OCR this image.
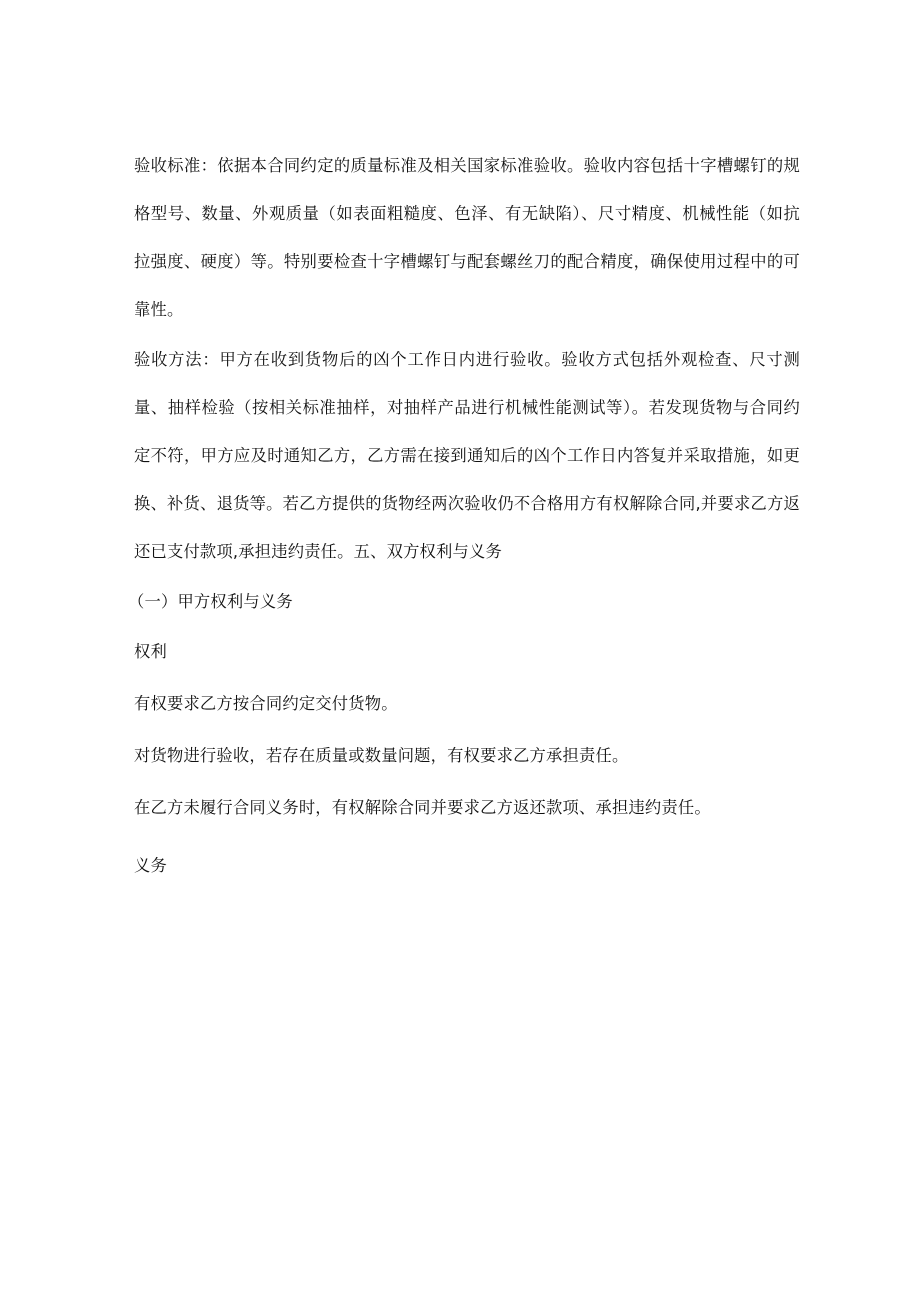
验收标准：依据本合同约定的质量标准及相关国家标准验收。验收内容包括十字槽螺钉的规格型号、数量、外观质量（如表面粗糙度、色泽、有无缺陷）、尺寸精度、机械性能（如抗拉强度、硬度）等。特别要检查十字槽螺钉与配套螺丝刀的配合精度，确保使用过程中的可靠性。

验收方法：甲方在收到货物后的凶个工作日内进行验收。验收方式包括外观检查、尺寸测量、抽样检验（按相关标准抽样，对抽样产品进行机械性能测试等）。若发现货物与合同约定不符，甲方应及时通知乙方，乙方需在接到通知后的凶个工作日内答复并采取措施，如更换、补货、退货等。若乙方提供的货物经两次验收仍不合格用方有权解除合同,并要求乙方返还已支付款项,承担违约责任。五、双方权利与义务

（一）甲方权利与义务

权利

有权要求乙方按合同约定交付货物。

对货物进行验收，若存在质量或数量问题，有权要求乙方承担责任。

在乙方未履行合同义务时，有权解除合同并要求乙方返还款项、承担违约责任。

义务
